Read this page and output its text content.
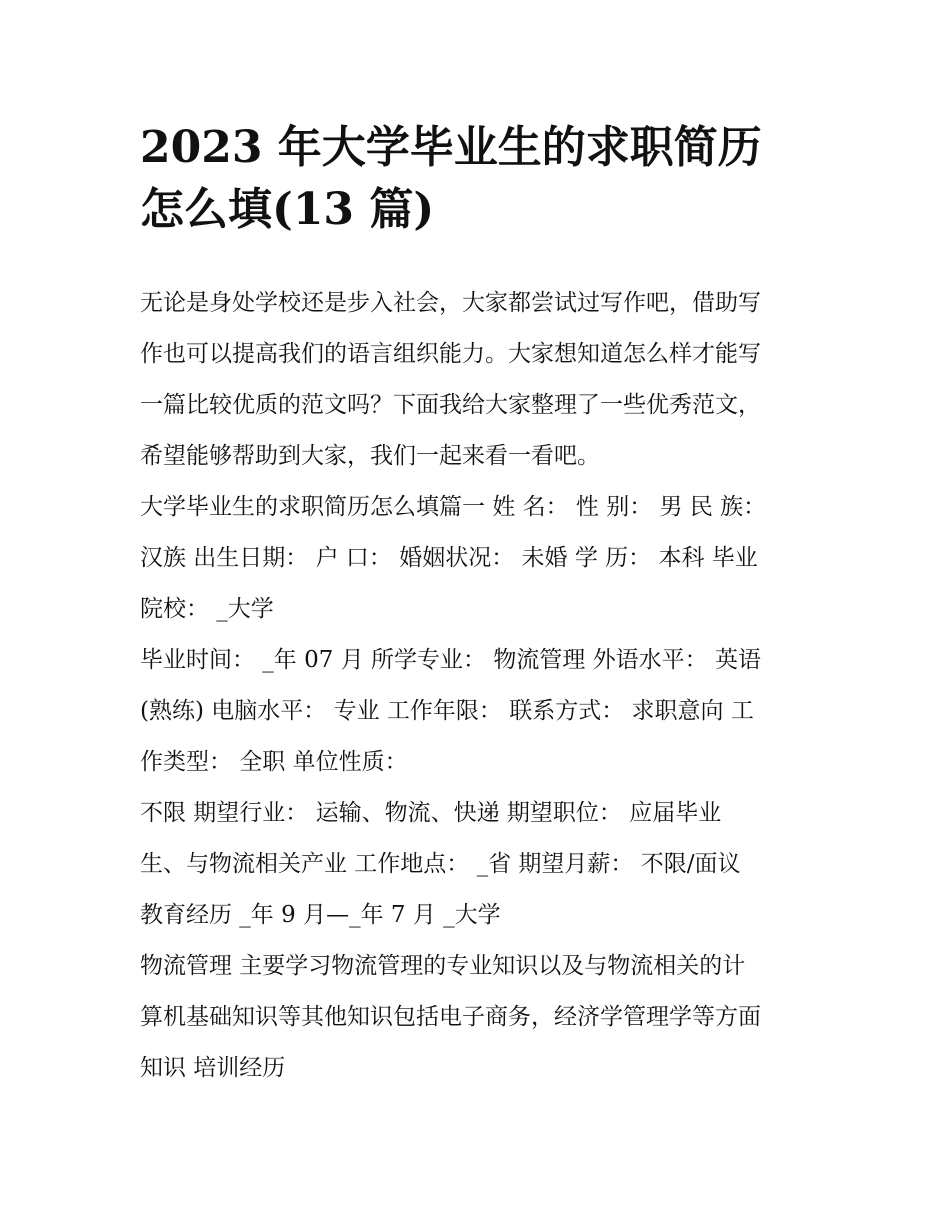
2023 年大学毕业生的求职简历
怎么填(13 篇)
无论是身处学校还是步入社会，大家都尝试过写作吧，借助写
作也可以提高我们的语言组织能力。大家想知道怎么样才能写
一篇比较优质的范文吗？下面我给大家整理了一些优秀范文，
希望能够帮助到大家，我们一起来看一看吧。
大学毕业生的求职简历怎么填篇一 姓 名： 性 别： 男 民 族：
汉族 出生日期： 户 口： 婚姻状况： 未婚 学 历： 本科 毕业
院校： _大学
毕业时间： _年 07 月 所学专业： 物流管理 外语水平： 英语
(熟练) 电脑水平： 专业 工作年限： 联系方式： 求职意向 工
作类型： 全职 单位性质：
不限 期望行业： 运输、物流、快递 期望职位： 应届毕业
生、与物流相关产业 工作地点： _省 期望月薪： 不限/面议
教育经历 _年 9 月—_年 7 月 _大学
物流管理 主要学习物流管理的专业知识以及与物流相关的计
算机基础知识等其他知识包括电子商务，经济学管理学等方面
知识 培训经历
